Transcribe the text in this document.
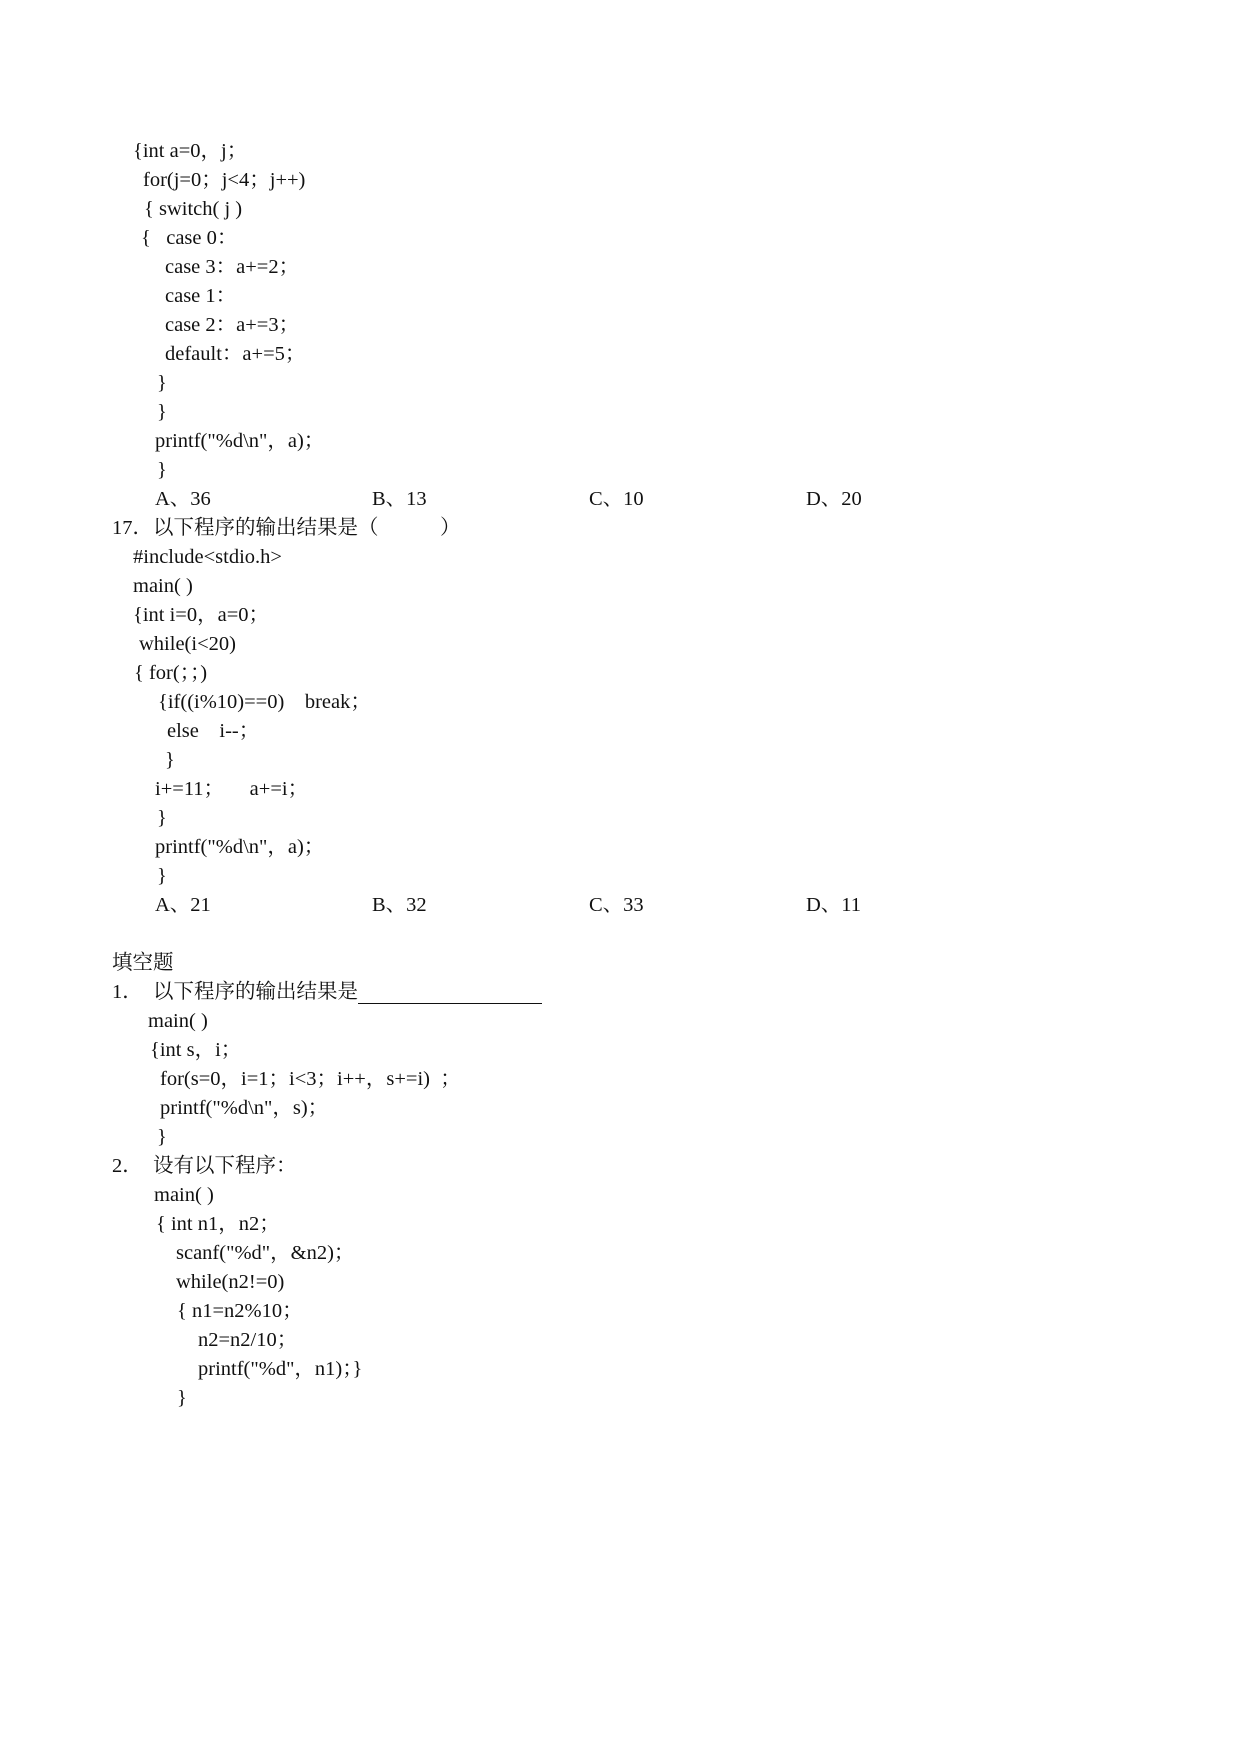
{int a=0，j；
for(j=0；j<4；j++)
{ switch( j )
{   case 0：
case 3：a+=2；
case 1：
case 2：a+=3；
default：a+=5；
}
}
printf("%d\n"，a)；
}
A、36	B、13	C、10	D、20
17．以下程序的输出结果是（            ）
#include<stdio.h>
main( )
{int i=0，a=0；
while(i<20)
{ for(；；)
{if((i%10)==0)    break；
else    i--；
}
i+=11；     a+=i；
}
printf("%d\n"，a)；
}
A、21	B、32	C、33	D、11
填空题
1．  以下程序的输出结果是
main( )
{int s，i；
for(s=0，i=1；i<3；i++，s+=i)  ；
printf("%d\n"，s)；
}
2．  设有以下程序：
main( )
{ int n1，n2；
scanf("%d"，&n2)；
while(n2!=0)
{ n1=n2%10；
n2=n2/10；
printf("%d"，n1)；}
}
